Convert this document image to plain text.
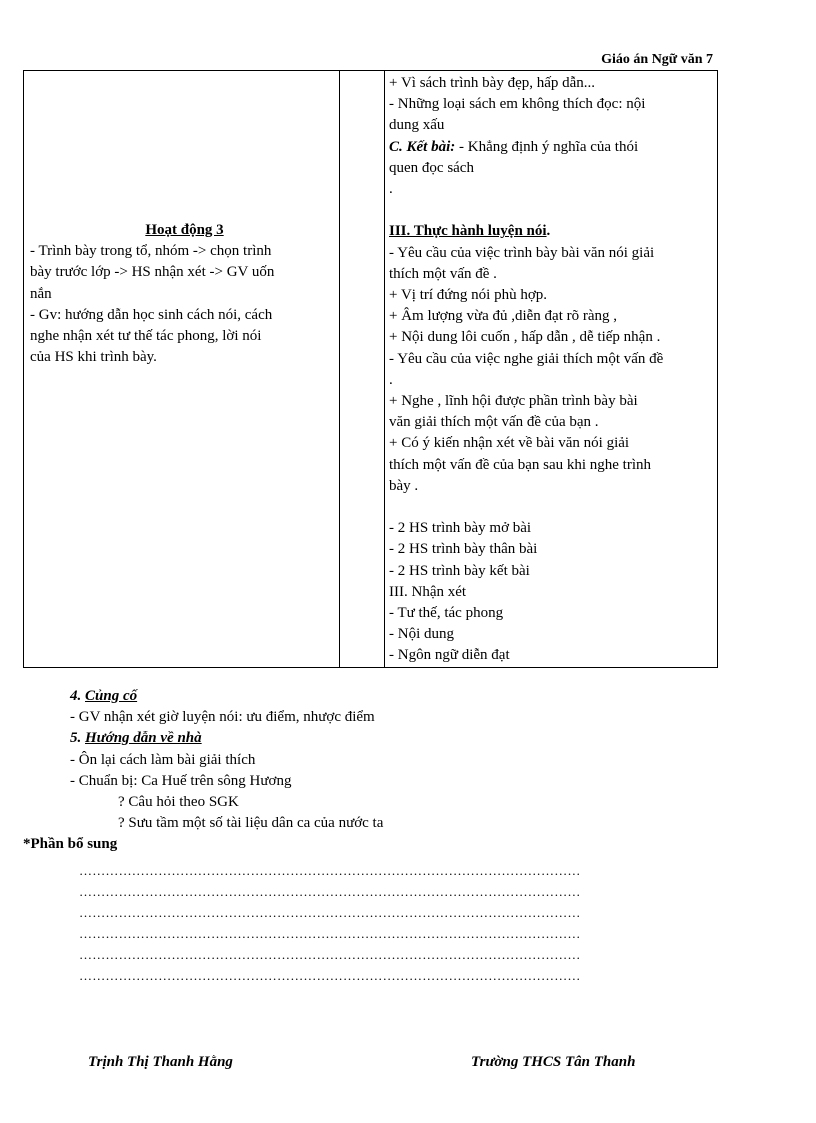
Giáo án Ngữ văn 7
Hoạt động 3
- Trình bày trong tổ, nhóm -> chọn trình
bày trước lớp -> HS nhận xét -> GV uốn
nắn
- Gv: hướng dẫn học sinh cách nói, cách
nghe nhận xét tư thế tác phong, lời nói
của HS khi trình bày.

+ Vì sách trình bày đẹp, hấp dẫn...
- Những loại sách em không thích đọc: nội
dung xấu
C. Kết bài: - Khẳng định ý nghĩa của thói
quen đọc sách
.

III. Thực hành luyện nói.
- Yêu cầu của việc trình bày bài văn nói giải
thích một vấn đề .
+ Vị trí đứng nói phù hợp.
+ Âm lượng vừa đủ ,diễn đạt rõ ràng ,
+ Nội dung lôi cuốn , hấp dẫn , dễ tiếp nhận .
- Yêu cầu của việc nghe giải thích một vấn đề
.
+ Nghe , lĩnh hội được phần trình bày bài
văn giải thích một vấn đề của bạn .
+ Có ý kiến nhận xét về bài văn nói giải
thích một vấn đề của bạn sau khi nghe trình
bày .

- 2 HS trình bày mở bài
- 2 HS trình bày thân bài
- 2 HS trình bày kết bài
III. Nhận xét
- Tư thế, tác phong
- Nội dung
- Ngôn ngữ diễn đạt
4. Củng cố
- GV nhận xét giờ luyện nói: ưu điểm, nhược điểm
5. Hướng dẫn về nhà
- Ôn lại cách làm bài giải thích
- Chuẩn bị: Ca Huế trên sông Hương
? Câu hỏi theo SGK
? Sưu tầm một số tài liệu dân ca của nước ta
*Phần bổ sung
……………………………………………………………………………………………………
……………………………………………………………………………………………………
……………………………………………………………………………………………………
……………………………………………………………………………………………………
……………………………………………………………………………………………………
……………………………………………………………………………………………………
Trịnh Thị Thanh Hằng	Trường THCS Tân Thanh
